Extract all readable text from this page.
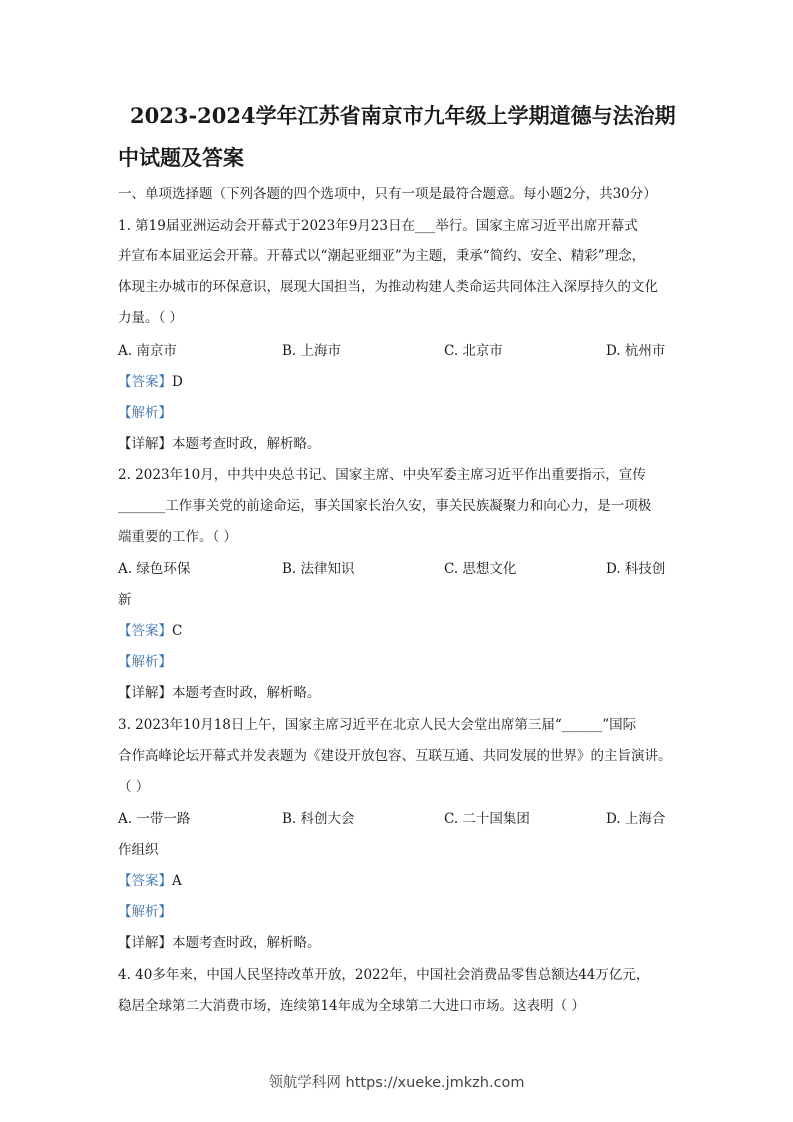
2023-2024学年江苏省南京市九年级上学期道德与法治期
中试题及答案
一、单项选择题（下列各题的四个选项中，只有一项是最符合题意。每小题2分，共30分）
1. 第19届亚洲运动会开幕式于2023年9月23日在___举行。国家主席习近平出席开幕式
并宣布本届亚运会开幕。开幕式以“潮起亚细亚”为主题，秉承“简约、安全、精彩”理念，
体现主办城市的环保意识，展现大国担当，为推动构建人类命运共同体注入深厚持久的文化
力量。（ ）
A. 南京市	B. 上海市	C. 北京市	D. 杭州市
【答案】D
【解析】
【详解】本题考查时政，解析略。
2. 2023年10月，中共中央总书记、国家主席、中央军委主席习近平作出重要指示，宣传
_______工作事关党的前途命运，事关国家长治久安，事关民族凝聚力和向心力，是一项极
端重要的工作。（ ）
A. 绿色环保	B. 法律知识	C. 思想文化	D. 科技创
新
【答案】C
【解析】
【详解】本题考查时政，解析略。
3. 2023年10月18日上午，国家主席习近平在北京人民大会堂出席第三届“______”国际
合作高峰论坛开幕式并发表题为《建设开放包容、互联互通、共同发展的世界》的主旨演讲。
（ ）
A. 一带一路	B. 科创大会	C. 二十国集团	D. 上海合
作组织
【答案】A
【解析】
【详解】本题考查时政，解析略。
4. 40多年来，中国人民坚持改革开放，2022年，中国社会消费品零售总额达44万亿元，
稳居全球第二大消费市场，连续第14年成为全球第二大进口市场。这表明（ ）
领航学科网 https://xueke.jmkzh.com
